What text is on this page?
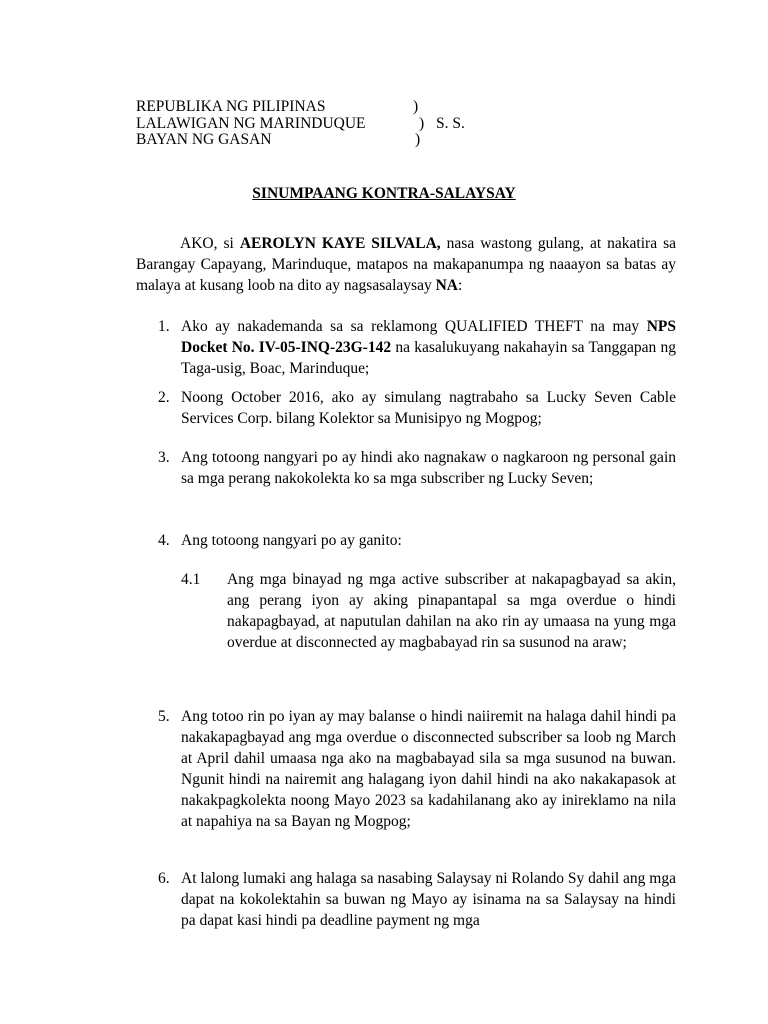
REPUBLIKA NG PILIPINAS	)
LALAWIGAN NG MARINDUQUE	) S. S.
BAYAN NG GASAN	)
SINUMPAANG KONTRA-SALAYSAY
AKO, si AEROLYN KAYE SILVALA, nasa wastong gulang, at nakatira sa Barangay Capayang, Marinduque, matapos na makapanumpa ng naaayon sa batas ay malaya at kusang loob na dito ay nagsasalaysay NA:
1. Ako ay nakademanda sa sa reklamong QUALIFIED THEFT na may NPS Docket No. IV-05-INQ-23G-142 na kasalukuyang nakahayin sa Tanggapan ng Taga-usig, Boac, Marinduque;
2. Noong October 2016, ako ay simulang nagtrabaho sa Lucky Seven Cable Services Corp. bilang Kolektor sa Munisipyo ng Mogpog;
3. Ang totoong nangyari po ay hindi ako nagnakaw o nagkaroon ng personal gain sa mga perang nakokolekta ko sa mga subscriber ng Lucky Seven;
4. Ang totoong nangyari po ay ganito:
4.1 Ang mga binayad ng mga active subscriber at nakapagbayad sa akin, ang perang iyon ay aking pinapantapal sa mga overdue o hindi nakapagbayad, at naputulan dahilan na ako rin ay umaasa na yung mga overdue at disconnected ay magbabayad rin sa susunod na araw;
5. Ang totoo rin po iyan ay may balanse o hindi naiiremit na halaga dahil hindi pa nakakapagbayad ang mga overdue o disconnected subscriber sa loob ng March at April dahil umaasa nga ako na magbabayad sila sa mga susunod na buwan. Ngunit hindi na nairemit ang halagang iyon dahil hindi na ako nakakapasok at nakakpagkolekta noong Mayo 2023 sa kadahilanang ako ay inireklamo na nila at napahiya na sa Bayan ng Mogpog;
6. At lalong lumaki ang halaga sa nasabing Salaysay ni Rolando Sy dahil ang mga dapat na kokolektahin sa buwan ng Mayo ay isinama na sa Salaysay na hindi pa dapat kasi hindi pa deadline payment ng mga
